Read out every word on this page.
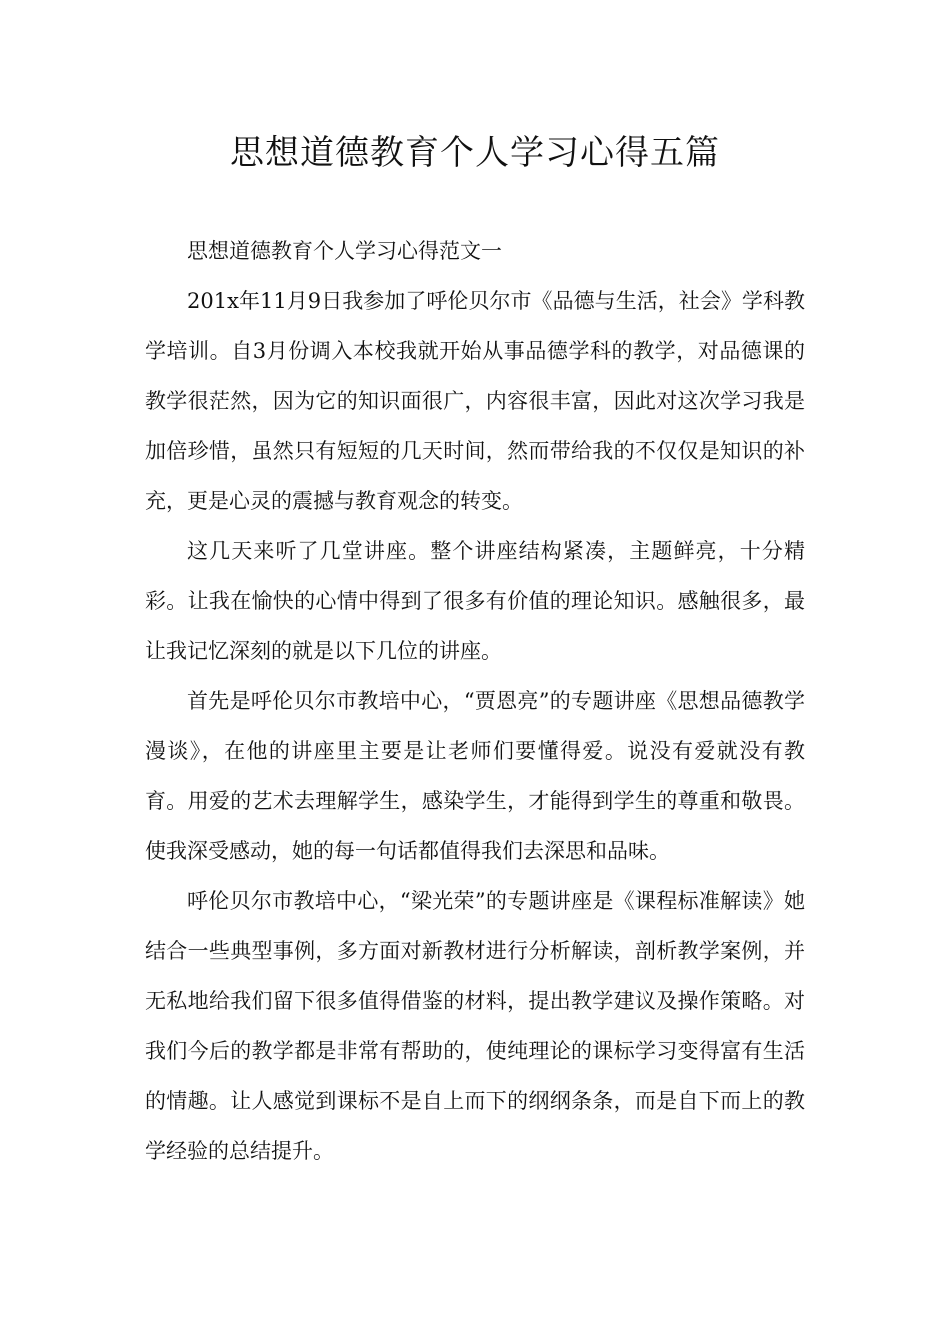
思想道德教育个人学习心得五篇

思想道德教育个人学习心得范文一

201x年11月9日我参加了呼伦贝尔市《品德与生活，社会》学科教学培训。自3月份调入本校我就开始从事品德学科的教学，对品德课的教学很茫然，因为它的知识面很广，内容很丰富，因此对这次学习我是加倍珍惜，虽然只有短短的几天时间，然而带给我的不仅仅是知识的补充，更是心灵的震撼与教育观念的转变。

这几天来听了几堂讲座。整个讲座结构紧凑，主题鲜亮，十分精彩。让我在愉快的心情中得到了很多有价值的理论知识。感触很多，最让我记忆深刻的就是以下几位的讲座。

首先是呼伦贝尔市教培中心，“贾恩亮”的专题讲座《思想品德教学漫谈》，在他的讲座里主要是让老师们要懂得爱。说没有爱就没有教育。用爱的艺术去理解学生，感染学生，才能得到学生的尊重和敬畏。使我深受感动，她的每一句话都值得我们去深思和品味。

呼伦贝尔市教培中心，“梁光荣”的专题讲座是《课程标准解读》她结合一些典型事例，多方面对新教材进行分析解读，剖析教学案例，并无私地给我们留下很多值得借鉴的材料，提出教学建议及操作策略。对我们今后的教学都是非常有帮助的，使纯理论的课标学习变得富有生活的情趣。让人感觉到课标不是自上而下的纲纲条条，而是自下而上的教学经验的总结提升。
